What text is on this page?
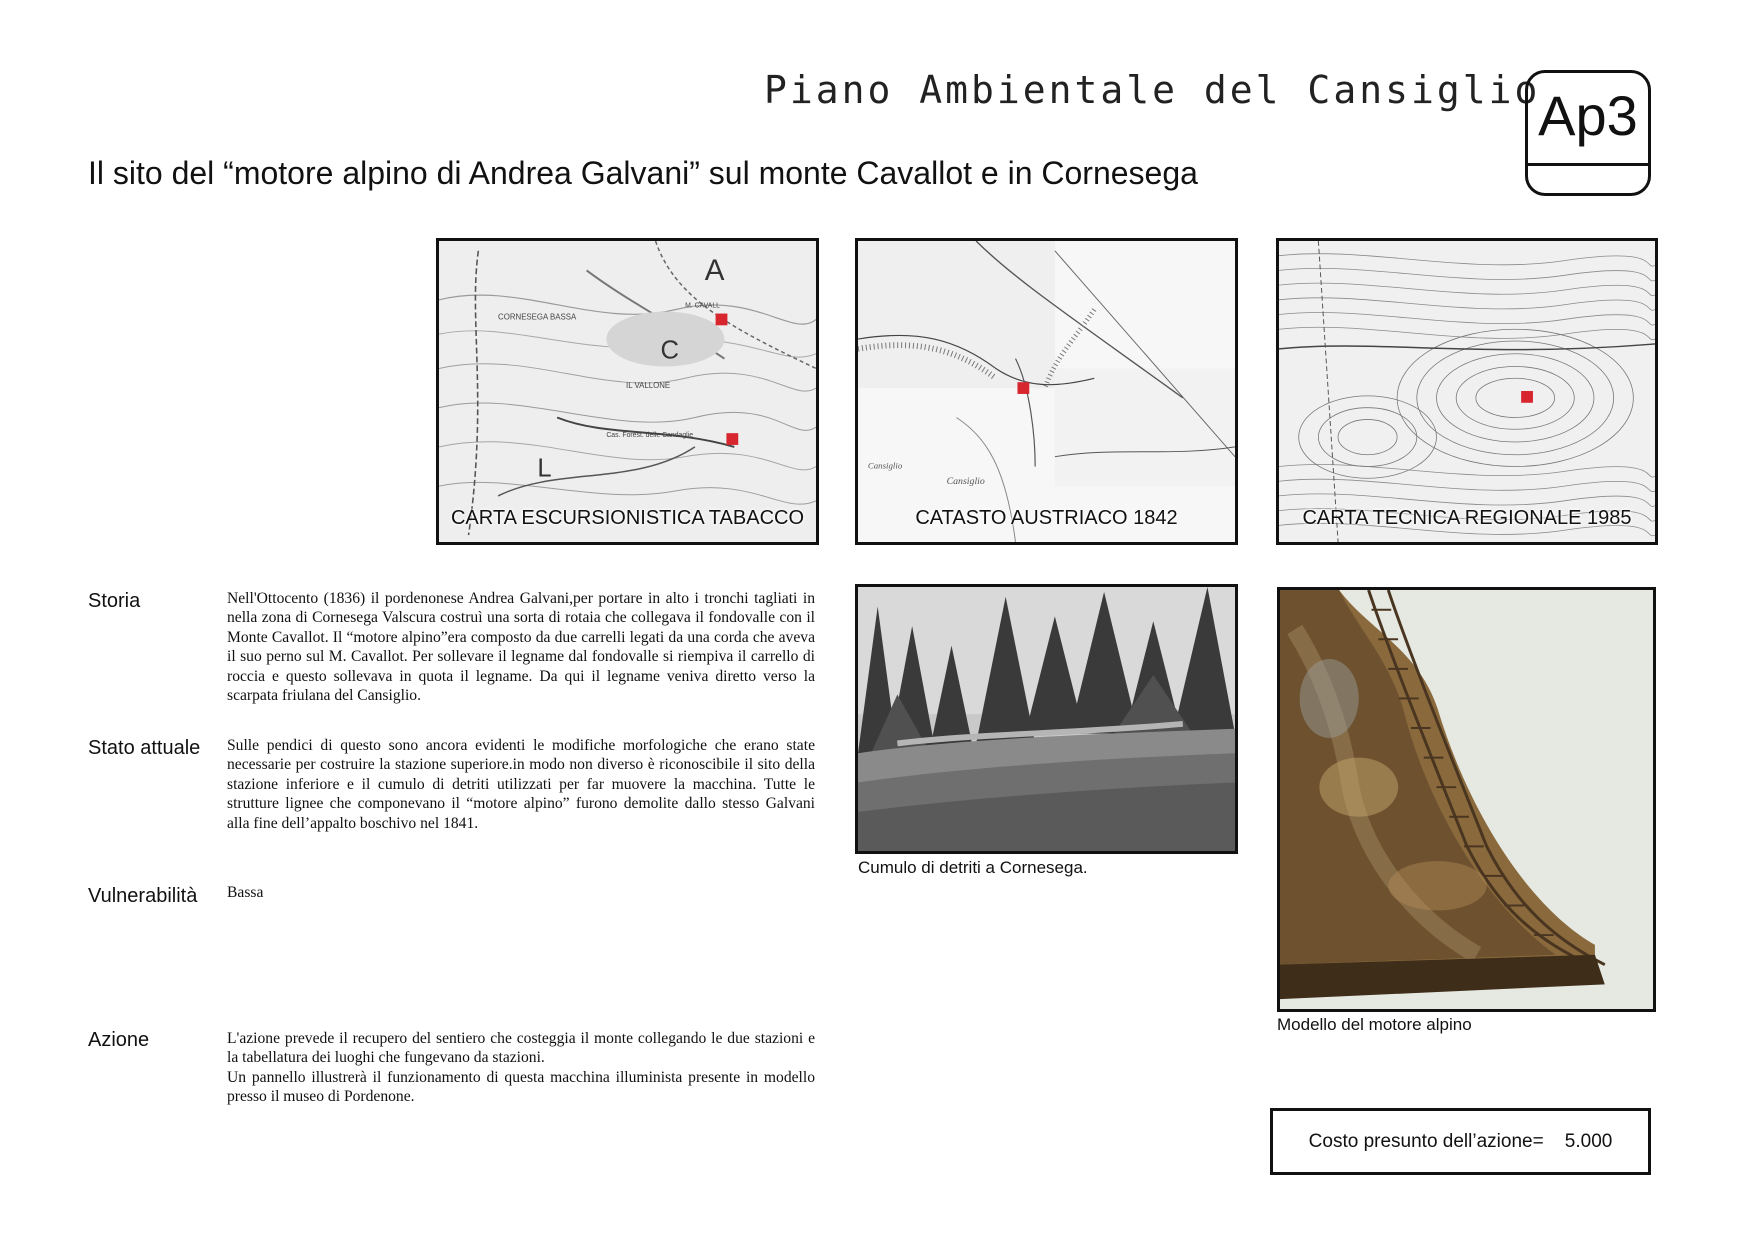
Piano Ambientale del Cansiglio
Ap3
Il sito del “motore alpino di Andrea Galvani” sul monte Cavallot e in Cornesega
A
C
L
CORNESEGA BASSA
IL VALLONE
M. CAVALL
Cas. Forest. delle Candaglie
CARTA ESCURSIONISTICA TABACCO
Cansiglio
Cansiglio
CATASTO AUSTRIACO 1842	CARTA TECNICA REGIONALE 1985
Cumulo di detriti a Cornesega.
Modello del motore alpino
Storia	Nell'Ottocento (1836) il pordenonese Andrea Galvani,per portare in alto i tronchi tagliati in nella zona di Cornesega Valscura costruì una sorta di rotaia che collegava il fondovalle con il Monte Cavallot. Il “motore alpino”era composto da due carrelli legati da una corda che aveva il suo perno sul M. Cavallot. Per sollevare il legname dal fondovalle si riempiva il carrello di roccia e questo sollevava in quota il legname. Da qui il legname veniva diretto verso la scarpata friulana del Cansiglio.
Stato attuale Sulle pendici di questo sono ancora evidenti le modifiche morfologiche che erano state necessarie per costruire la stazione superiore.in modo non diverso è riconoscibile il sito della stazione inferiore e il cumulo di detriti utilizzati per far muovere la macchina. Tutte le strutture lignee che componevano il “motore alpino” furono demolite dallo stesso Galvani alla fine dell’appalto boschivo nel 1841.
Vulnerabilità Bassa
Azione	L'azione prevede il recupero del sentiero che costeggia il monte collegando le due stazioni e la tabellatura dei luoghi che fungevano da stazioni.
Un pannello illustrerà il funzionamento di questa macchina illuminista presente in modello presso il museo di Pordenone.
Costo presunto dell’azione= 5.000
